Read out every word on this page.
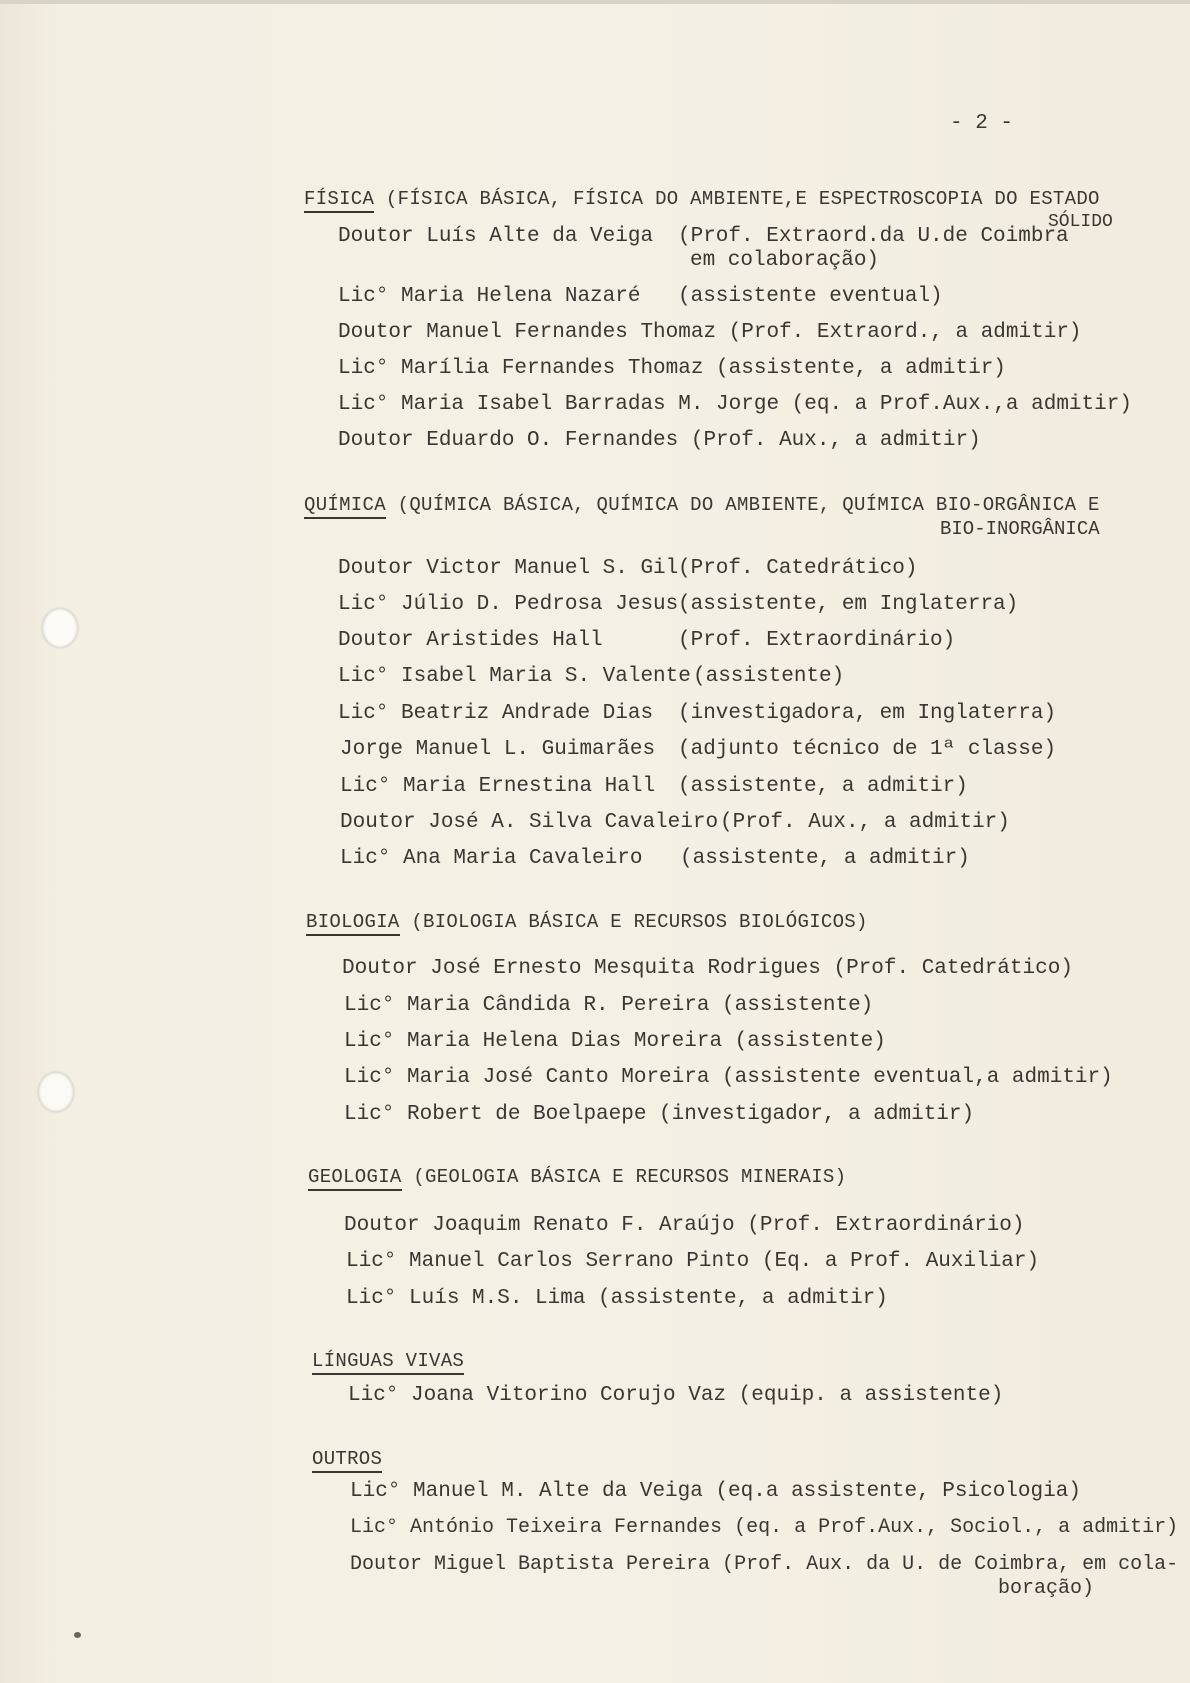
- 2 -
FÍSICA (FÍSICA BÁSICA, FÍSICA DO AMBIENTE,E ESPECTROSCOPIA DO ESTADO
SÓLIDO
Doutor Luís Alte da Veiga (Prof. Extraord.da U.de Coimbra
em colaboração)
Lic° Maria Helena Nazaré (assistente eventual)
Doutor Manuel Fernandes Thomaz (Prof. Extraord., a admitir)
Lic° Marília Fernandes Thomaz (assistente, a admitir)
Lic° Maria Isabel Barradas M. Jorge (eq. a Prof.Aux.,a admitir)
Doutor Eduardo O. Fernandes (Prof. Aux., a admitir)
QUÍMICA (QUÍMICA BÁSICA, QUÍMICA DO AMBIENTE, QUÍMICA BIO-ORGÂNICA E
BIO-INORGÂNICA
Doutor Victor Manuel S. Gil (Prof. Catedrático)
Lic° Júlio D. Pedrosa Jesus (assistente, em Inglaterra)
Doutor Aristides Hall	(Prof. Extraordinário)
Lic° Isabel Maria S. Valente (assistente)
Lic° Beatriz Andrade Dias (investigadora, em Inglaterra)
Jorge Manuel L. Guimarães (adjunto técnico de 1ª classe)
Lic° Maria Ernestina Hall (assistente, a admitir)
Doutor José A. Silva Cavaleiro (Prof. Aux., a admitir)
Lic° Ana Maria Cavaleiro (assistente, a admitir)
BIOLOGIA (BIOLOGIA BÁSICA E RECURSOS BIOLÓGICOS)
Doutor José Ernesto Mesquita Rodrigues (Prof. Catedrático)
Lic° Maria Cândida R. Pereira (assistente)
Lic° Maria Helena Dias Moreira (assistente)
Lic° Maria José Canto Moreira (assistente eventual,a admitir)
Lic° Robert de Boelpaepe (investigador, a admitir)
GEOLOGIA (GEOLOGIA BÁSICA E RECURSOS MINERAIS)
Doutor Joaquim Renato F. Araújo (Prof. Extraordinário)
Lic° Manuel Carlos Serrano Pinto (Eq. a Prof. Auxiliar)
Lic° Luís M.S. Lima (assistente, a admitir)
LÍNGUAS VIVAS
Lic° Joana Vitorino Corujo Vaz (equip. a assistente)
OUTROS
Lic° Manuel M. Alte da Veiga (eq.a assistente, Psicologia)
Lic° António Teixeira Fernandes (eq. a Prof.Aux., Sociol., a admitir)
Doutor Miguel Baptista Pereira (Prof. Aux. da U. de Coimbra, em cola-
boração)
